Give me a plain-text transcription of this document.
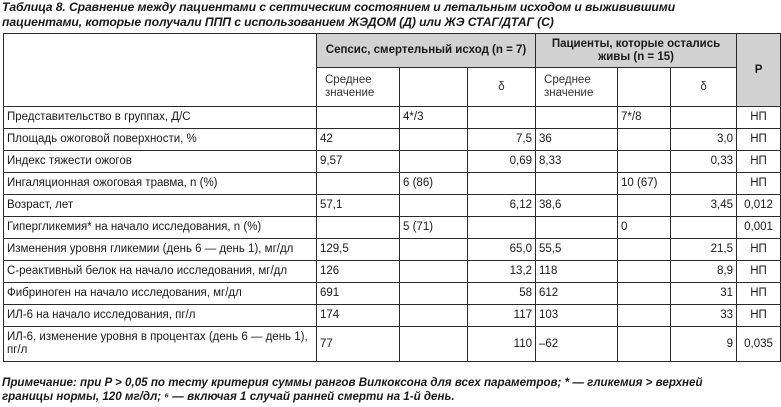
Таблица 8. Сравнение между пациентами с септическим состоянием и летальным исходом и выживившими пациентами, которые получали ППП с использованием ЖЭДОМ (Д) или ЖЭ СТАГ/ДТАГ (С)
	Сепсис, смертельный исход (n = 7)			Пациенты, которые остались живы (n = 15)			P
	Среднее значение		δ	Среднее значение		δ	
Представительство в группах, Д/С		4*/3			7*/8		НП
Площадь ожоговой поверхности, %	42		7,5	36		3,0	НП
Индекс тяжести ожогов	9,57		0,69	8,33		0,33	НП
Ингаляционная ожоговая травма, n (%)		6 (86)			10 (67)		НП
Возраст, лет	57,1		6,12	38,6		3,45	0,012
Гипергликемия* на начало исследования, n (%)		5 (71)			0		0,001
Изменения уровня гликемии (день 6 — день 1), мг/дл	129,5		65,0	55,5		21,5	НП
С-реактивный белок на начало исследования, мг/дл	126		13,2	118		8,9	НП
Фибриноген на начало исследования, мг/дл	691		58	612		31	НП
ИЛ-6 на начало исследования, пг/л	174		117	103		33	НП
ИЛ-6, изменение уровня в процентах (день 6 — день 1), пг/л	77		110	–62		9	0,035
Примечание: при P > 0,05 по тесту критерия суммы рангов Вилкоксона для всех параметров; * — гликемия > верхней границы нормы, 120 мг/дл; ⁶ — включая 1 случай ранней смерти на 1-й день.
